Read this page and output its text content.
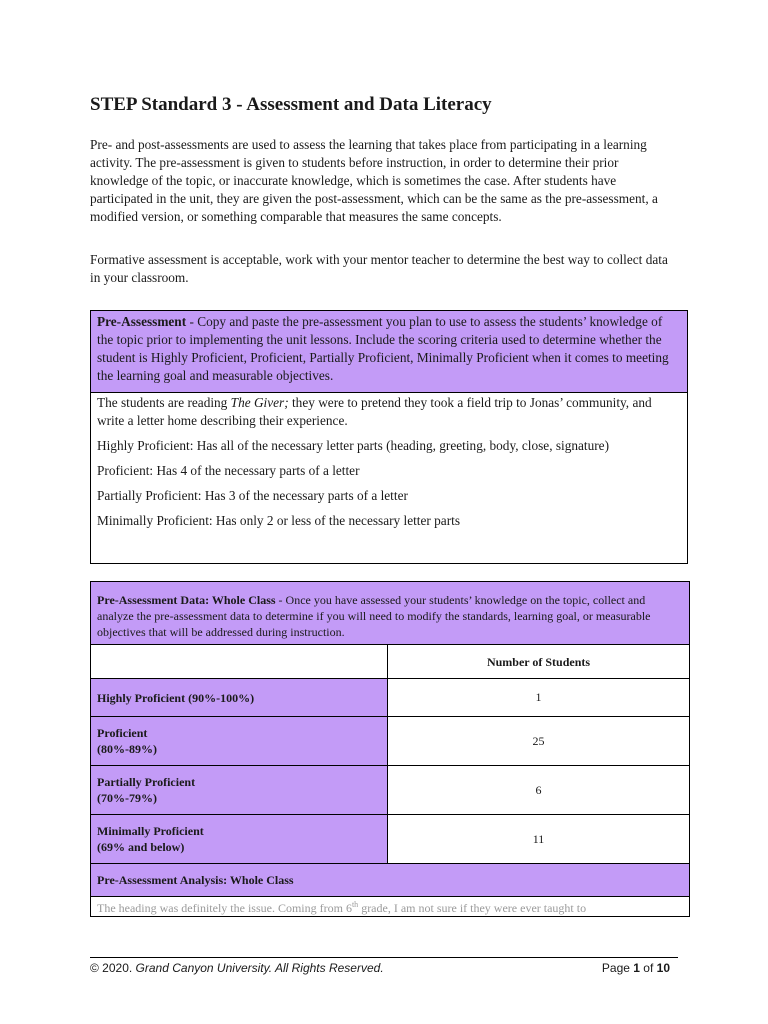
STEP Standard 3 - Assessment and Data Literacy

Pre- and post-assessments are used to assess the learning that takes place from participating in a learning activity. The pre-assessment is given to students before instruction, in order to determine their prior knowledge of the topic, or inaccurate knowledge, which is sometimes the case. After students have participated in the unit, they are given the post-assessment, which can be the same as the pre-assessment, a modified version, or something comparable that measures the same concepts.

Formative assessment is acceptable, work with your mentor teacher to determine the best way to collect data in your classroom.

Pre-Assessment - Copy and paste the pre-assessment you plan to use to assess the students’ knowledge of the topic prior to implementing the unit lessons. Include the scoring criteria used to determine whether the student is Highly Proficient, Proficient, Partially Proficient, Minimally Proficient when it comes to meeting the learning goal and measurable objectives.

The students are reading The Giver; they were to pretend they took a field trip to Jonas’ community, and write a letter home describing their experience.

Highly Proficient: Has all of the necessary letter parts (heading, greeting, body, close, signature)

Proficient: Has 4 of the necessary parts of a letter

Partially Proficient: Has 3 of the necessary parts of a letter

Minimally Proficient: Has only 2 or less of the necessary letter parts

Pre-Assessment Data: Whole Class - Once you have assessed your students’ knowledge on the topic, collect and analyze the pre-assessment data to determine if you will need to modify the standards, learning goal, or measurable objectives that will be addressed during instruction.	
	Number of Students

Highly Proficient (90%-100%)	1

Proficient
(80%-89%)	25

Partially Proficient
(70%-79%)	6

Minimally Proficient
(69% and below)	11
Pre-Assessment Analysis: Whole Class	
The heading was definitely the issue. Coming from 6th grade, I am not sure if they were ever taught to	
© 2020. Grand Canyon University. All Rights Reserved.	Page 1 of 10
